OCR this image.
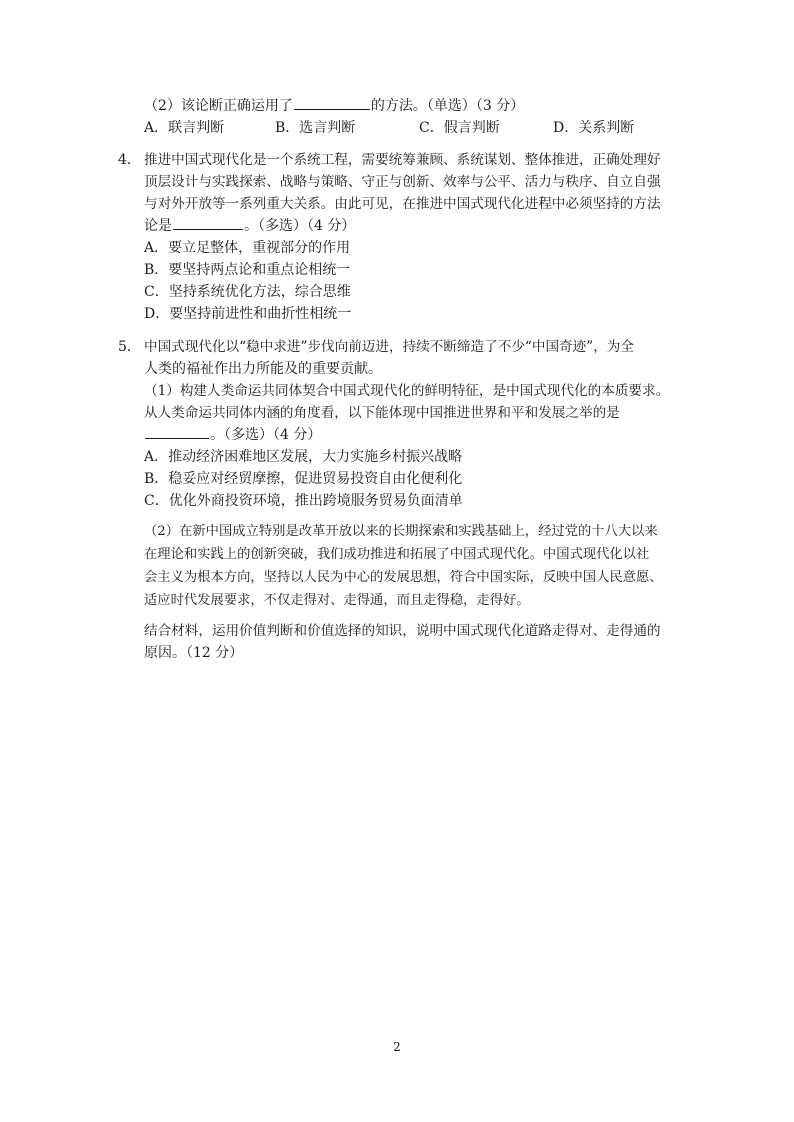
（2）该论断正确运用了	的方法。（单选）（3 分）
A．联言判断	B．选言判断	C．假言判断	D．关系判断
4． 推进中国式现代化是一个系统工程，需要统筹兼顾、系统谋划、整体推进，正确处理好
顶层设计与实践探索、战略与策略、守正与创新、效率与公平、活力与秩序、自立自强
与对外开放等一系列重大关系。由此可见，在推进中国式现代化进程中必须坚持的方法
论是	。（多选）（4 分）
A．要立足整体，重视部分的作用
B．要坚持两点论和重点论相统一
C．坚持系统优化方法，综合思维
D．要坚持前进性和曲折性相统一
5． 中国式现代化以“稳中求进”步伐向前迈进，持续不断缔造了不少“中国奇迹”，为全
人类的福祉作出力所能及的重要贡献。
（1）构建人类命运共同体契合中国式现代化的鲜明特征，是中国式现代化的本质要求。
从人类命运共同体内涵的角度看，以下能体现中国推进世界和平和发展之举的是
。（多选）（4 分）
A．推动经济困难地区发展，大力实施乡村振兴战略
B．稳妥应对经贸摩擦，促进贸易投资自由化便利化
C．优化外商投资环境，推出跨境服务贸易负面清单
（2）在新中国成立特别是改革开放以来的长期探索和实践基础上，经过党的十八大以来
在理论和实践上的创新突破，我们成功推进和拓展了中国式现代化。中国式现代化以社
会主义为根本方向，坚持以人民为中心的发展思想，符合中国实际，反映中国人民意愿、
适应时代发展要求，不仅走得对、走得通，而且走得稳，走得好。
结合材料，运用价值判断和价值选择的知识，说明中国式现代化道路走得对、走得通的
原因。（12 分）
2
